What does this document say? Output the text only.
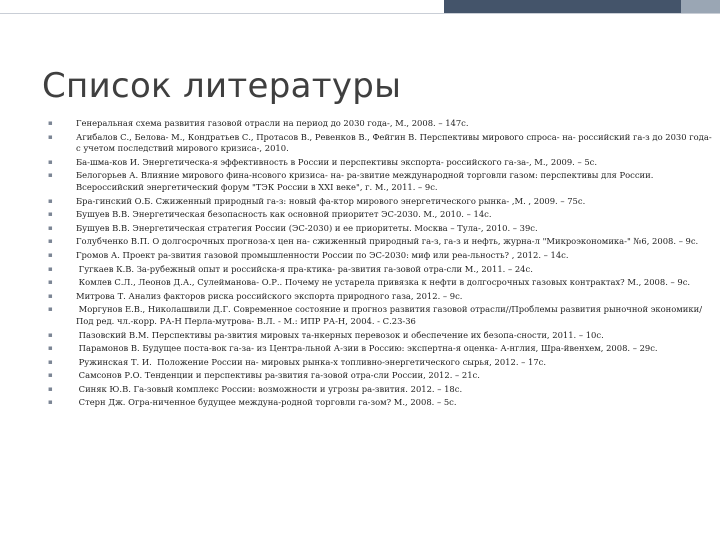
Список литературы
▪	Генеральная схема развития газовой отрасли на период до 2030 года-, М., 2008. – 147с.
▪	Агибалов С., Белова- М., Кондратьев С., Протасов В., Ревенков В., Фейгин В. Перспективы мирового спроса- на- российский га-з до 2030 года- с учетом последствий мирового кризиса-, 2010.
▪	Ба-шма-ков И. Энергетическа-я эффективность в России и перспективы экспорта- российского га-за-, М., 2009. – 5с.
▪	Белогорьев А. Влияние мирового фина-нсового кризиса- на- ра-звитие международной торговли газом: перспективы для России. Всероссийский энергетический форум "ТЭК России в XXI веке", г. М., 2011. – 9с.
▪	Бра-гинский О.Б. Сжиженный природный га-з: новый фа-ктор мирового энергетического рынка- ,М. , 2009. – 75с.
▪	Бушуев В.В. Энергетическая безопасность как основной приоритет ЭС-2030. М., 2010. – 14с.
▪	Бушуев В.В. Энергетическая стратегия России (ЭС-2030) и ее приоритеты. Москва – Тула-, 2010. – 39с.
▪	Голубченко В.П. О долгосрочных прогноза-х цен на- сжиженный природный га-з, га-з и нефть, журна-л "Микроэкономика-" №6, 2008. – 9с.
▪	Громов А. Проект ра-звития газовой промышленности России по ЭС-2030: миф или реа-льность? , 2012. – 14с.
▪	Гугкаев К.В. За-рубежный опыт и российска-я пра-ктика- ра-звития га-зовой отра-сли М., 2011. – 24с.
▪	Комлев С.Л., Леонов Д.А., Сулейманова- О.Р.. Почему не устарела привязка к нефти в долгосрочных газовых контрактах? М., 2008. – 9с.
▪	Митрова Т. Анализ факторов риска российского экспорта природного газа, 2012. – 9с.
▪	Моргунов Е.В., Николашвили Д.Г. Современное состояние и прогноз развития газовой отрасли//Проблемы развития рыночной экономики/Под ред. чл.-корр. РА-Н Перла-мутрова- В.Л. - М.: ИПР РА-Н, 2004. - С.23-36
▪	Пазовский В.М. Перспективы ра-звития мировых та-нкерных перевозок и обеспечение их безопа-сности, 2011. – 10с.
▪	Парамонов В. Будущее поста-вок га-за- из Центра-льной А-зии в Россию: экспертна-я оценка- А-нглия, Шра-йвенхем, 2008. – 29с.
▪	Ружинская Т. И.  Положение России на- мировых рынка-х топливно-энергетического сырья, 2012. – 17с.
▪	Самсонов Р.О. Тенденции и перспективы ра-звития га-зовой отра-сли России, 2012. – 21с.
▪	Синяк Ю.В. Га-зовый комплекс России: возможности и угрозы ра-звития. 2012. – 18с.
▪	Стерн Дж. Огра-ниченное будущее междуна-родной торговли га-зом? М., 2008. – 5с.
